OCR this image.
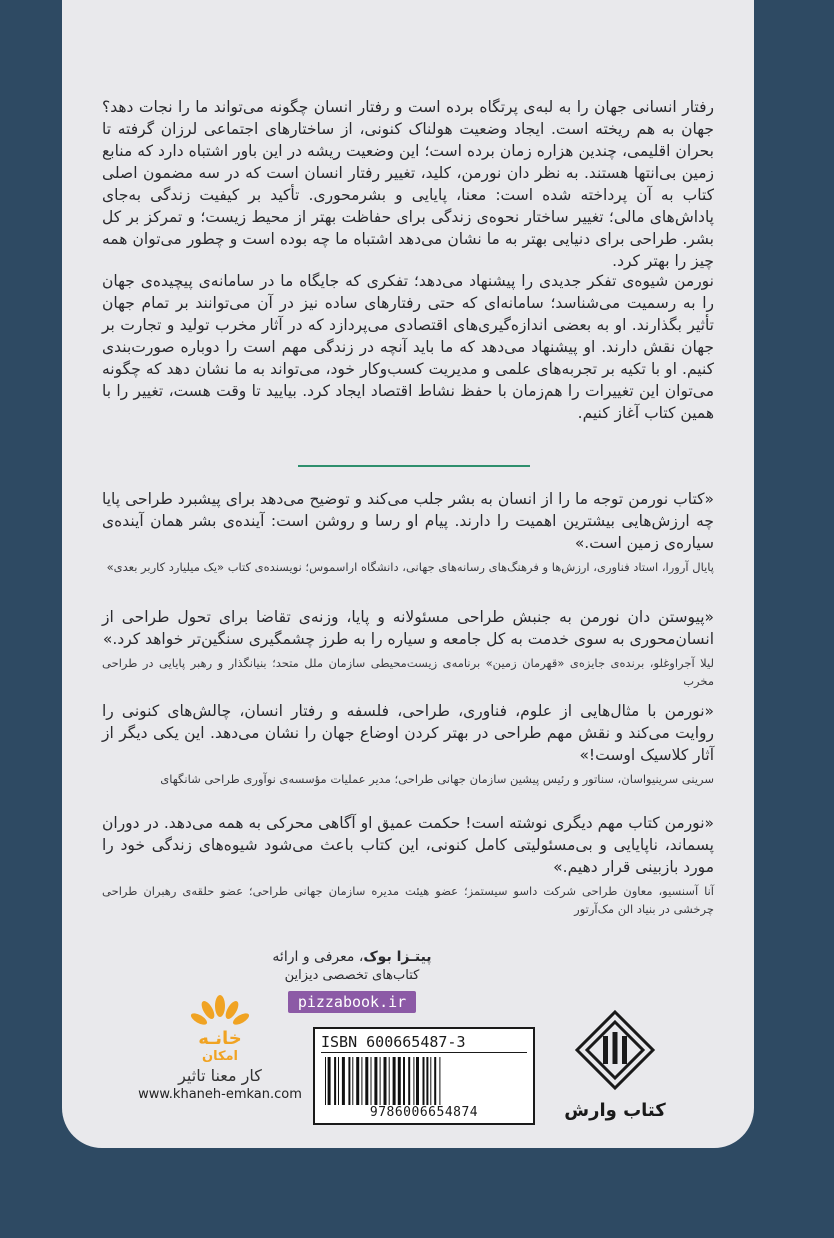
رفتار انسانی جهان را به لبه‌ی پرتگاه برده است و رفتار انسان چگونه می‌تواند ما را نجات دهد؟ جهان به هم ریخته است. ایجاد وضعیت هولناک کنونی، از ساختارهای اجتماعی لرزان گرفته تا بحران اقلیمی، چندین هزاره زمان برده است؛ این وضعیت ریشه در این باور اشتباه دارد که منابع زمین بی‌انتها هستند. به نظر دان نورمن، کلید، تغییر رفتار انسان است که در سه مضمون اصلی کتاب به آن پرداخته شده است: معنا، پایایی و بشرمحوری. تأکید بر کیفیت زندگی به‌جای پاداش‌های مالی؛ تغییر ساختار نحوه‌ی زندگی برای حفاظت بهتر از محیط زیست؛ و تمرکز بر کل بشر. طراحی برای دنیایی بهتر به ما نشان می‌دهد اشتباه ما چه بوده است و چطور می‌توان همه چیز را بهتر کرد.

نورمن شیوه‌ی تفکر جدیدی را پیشنهاد می‌دهد؛ تفکری که جایگاه ما در سامانه‌ی پیچیده‌ی جهان را به رسمیت می‌شناسد؛ سامانه‌ای که حتی رفتارهای ساده نیز در آن می‌توانند بر تمام جهان تأثیر بگذارند. او به بعضی اندازه‌گیری‌های اقتصادی می‌پردازد که در آثار مخرب تولید و تجارت بر جهان نقش دارند. او پیشنهاد می‌دهد که ما باید آنچه در زندگی مهم است را دوباره صورت‌بندی کنیم. او با تکیه بر تجربه‌های علمی و مدیریت کسب‌وکار خود، می‌تواند به ما نشان دهد که چگونه می‌توان این تغییرات را هم‌زمان با حفظ نشاط اقتصاد ایجاد کرد. بیایید تا وقت هست، تغییر را با همین کتاب آغاز کنیم.

«کتاب نورمن توجه ما را از انسان به بشر جلب می‌کند و توضیح می‌دهد برای پیشبرد طراحی پایا چه ارزش‌هایی بیشترین اهمیت را دارند. پیام او رسا و روشن است: آینده‌ی بشر همان آینده‌ی سیاره‌ی زمین است.»

پایال آرورا، استاد فناوری، ارزش‌ها و فرهنگ‌های رسانه‌های جهانی، دانشگاه اراسموس؛ نویسنده‌ی کتاب «یک میلیارد کاربر بعدی»

«پیوستن دان نورمن به جنبش طراحی مسئولانه و پایا، وزنه‌ی تقاضا برای تحول طراحی از انسان‌محوری به سوی خدمت به کل جامعه و سیاره را به طرز چشمگیری سنگین‌تر خواهد کرد.»

لیلا آجراوغلو، برنده‌ی جایزه‌ی «قهرمان زمین» برنامه‌ی زیست‌محیطی سازمان ملل متحد؛ بنیانگذار و رهبر پایایی در طراحی مخرب

«نورمن با مثال‌هایی از علوم، فناوری، طراحی، فلسفه و رفتار انسان، چالش‌های کنونی را روایت می‌کند و نقش مهم طراحی در بهتر کردن اوضاع جهان را نشان می‌دهد. این یکی دیگر از آثار کلاسیک اوست!»

سرینی سرینیواسان، سناتور و رئیس پیشین سازمان جهانی طراحی؛ مدیر عملیات مؤسسه‌ی نوآوری طراحی شانگهای

«نورمن کتاب مهم دیگری نوشته است! حکمت عمیق او آگاهی محرکی به همه می‌دهد. در دوران پسماند، ناپایایی و بی‌مسئولیتی کامل کنونی، این کتاب باعث می‌شود شیوه‌های زندگی خود را مورد بازبینی قرار دهیم.»

آنا آسنسیو، معاون طراحی شرکت داسو سیستمز؛ عضو هیئت مدیره سازمان جهانی طراحی؛ عضو حلقه‌ی رهبران طراحی چرخشی در بنیاد الن مک‌آرتور

پیتـزا بوک، معرفی و ارائه
کتاب‌های تخصصی دیزاین
pizzabook.ir
ISBN 600665487-3
9786006654874
خانـه
امکان
کار معنا تاثیر
www.khaneh-emkan.com
کتاب وارش
